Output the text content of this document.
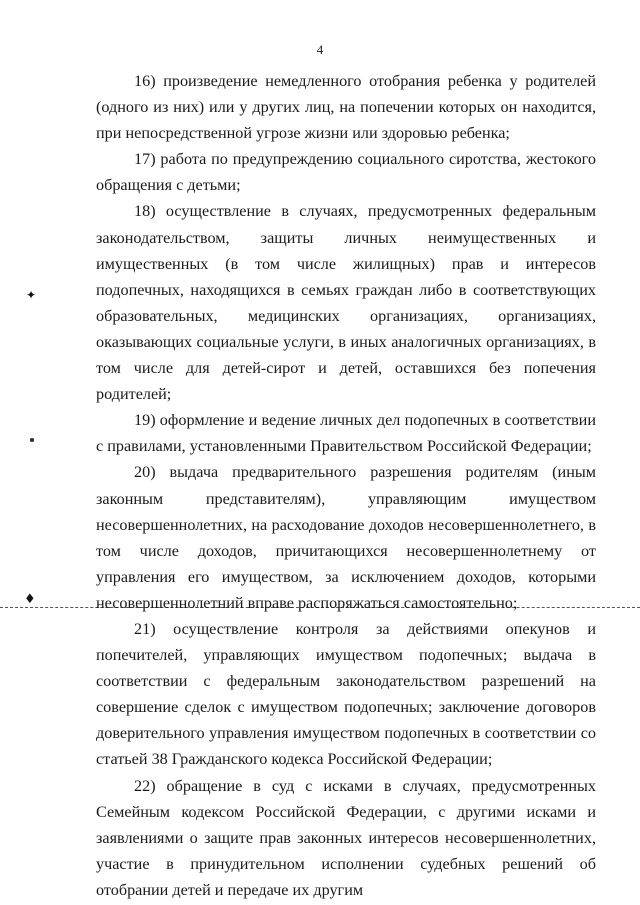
4
✦
♦

16) произведение немедленного отобрания ребенка у родителей (одного из них) или у других лиц, на попечении которых он находится, при непосредственной угрозе жизни или здоровью ребенка;

17) работа по предупреждению социального сиротства, жестокого обращения с детьми;

18) осуществление в случаях, предусмотренных федеральным законодательством, защиты личных неимущественных и имущественных (в том числе жилищных) прав и интересов подопечных, находящихся в семьях граждан либо в соответствующих образовательных, медицинских организациях, организациях, оказывающих социальные услуги, в иных аналогичных организациях, в том числе для детей-сирот и детей, оставшихся без попечения родителей;

19) оформление и ведение личных дел подопечных в соответствии с правилами, установленными Правительством Российской Федерации;

20) выдача предварительного разрешения родителям (иным законным представителям), управляющим имуществом несовершеннолетних, на расходование доходов несовершеннолетнего, в том числе доходов, причитающихся несовершеннолетнему от управления его имуществом, за исключением доходов, которыми несовершеннолетний вправе распоряжаться самостоятельно;

21) осуществление контроля за действиями опекунов и попечителей, управляющих имуществом подопечных; выдача в соответствии с федеральным законодательством разрешений на совершение сделок с имуществом подопечных; заключение договоров доверительного управления имуществом подопечных в соответствии со статьей 38 Гражданского кодекса Российской Федерации;

22) обращение в суд с исками в случаях, предусмотренных Семейным кодексом Российской Федерации, с другими исками и заявлениями о защите прав законных интересов несовершеннолетних, участие в принудительном исполнении судебных решений об отобрании детей и передаче их другим
